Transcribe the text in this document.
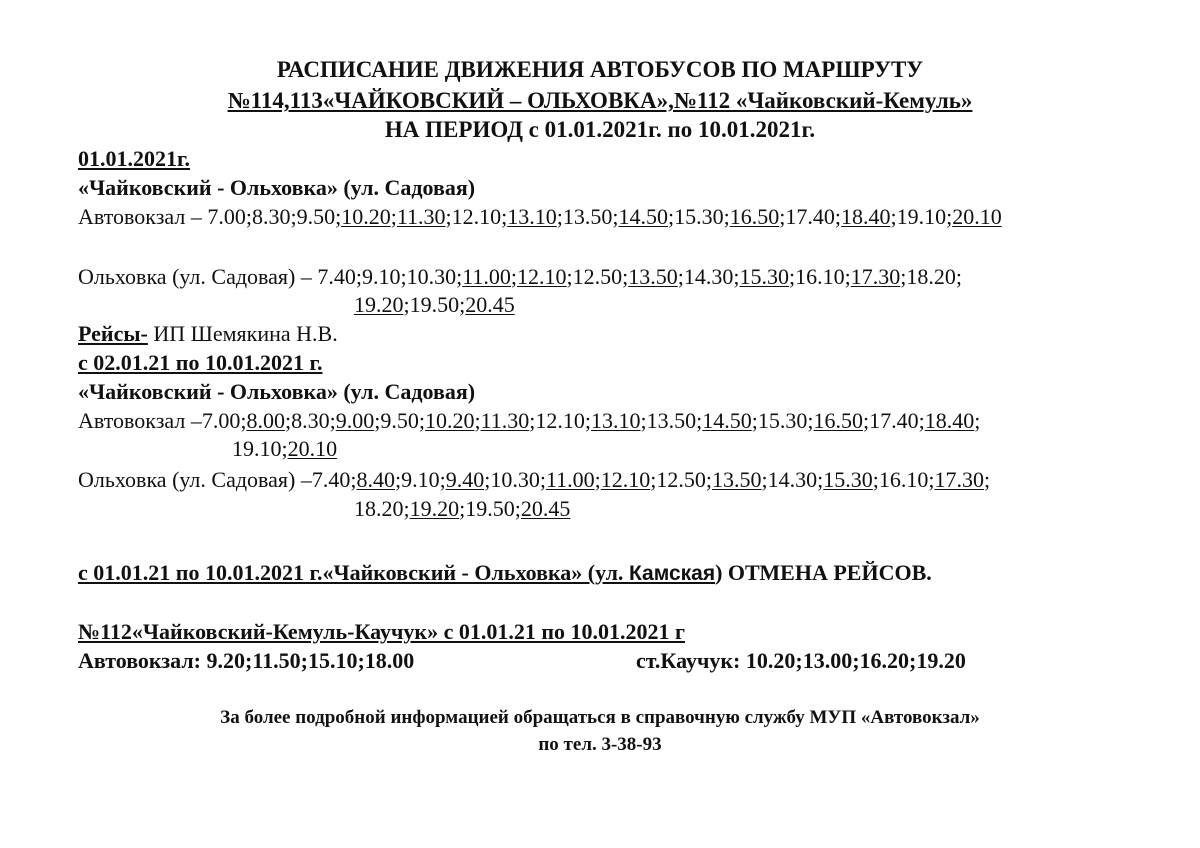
РАСПИСАНИЕ ДВИЖЕНИЯ АВТОБУСОВ ПО МАРШРУТУ
№114,113«ЧАЙКОВСКИЙ – ОЛЬХОВКА»,№112 «Чайковский-Кемуль»
НА ПЕРИОД с 01.01.2021г. по 10.01.2021г.
01.01.2021г.
«Чайковский - Ольховка» (ул. Садовая)
Автовокзал – 7.00;8.30;9.50;10.20;11.30;12.10;13.10;13.50;14.50;15.30;16.50;17.40;18.40;19.10;20.10
Ольховка (ул. Садовая) – 7.40;9.10;10.30;11.00;12.10;12.50;13.50;14.30;15.30;16.10;17.30;18.20;
19.20;19.50;20.45
Рейсы- ИП Шемякина Н.В.
с 02.01.21 по 10.01.2021 г.
«Чайковский - Ольховка» (ул. Садовая)
Автовокзал –7.00;8.00;8.30;9.00;9.50;10.20;11.30;12.10;13.10;13.50;14.50;15.30;16.50;17.40;18.40;
19.10;20.10
Ольховка (ул. Садовая) –7.40;8.40;9.10;9.40;10.30;11.00;12.10;12.50;13.50;14.30;15.30;16.10;17.30;
18.20;19.20;19.50;20.45
с 01.01.21 по 10.01.2021 г.«Чайковский - Ольховка» (ул. Камская) ОТМЕНА РЕЙСОВ.
№112«Чайковский-Кемуль-Каучук» с 01.01.21 по 10.01.2021 г
Автовокзал: 9.20;11.50;15.10;18.00	ст.Каучук: 10.20;13.00;16.20;19.20
За более подробной информацией обращаться в справочную службу МУП «Автовокзал»
по тел. 3-38-93
